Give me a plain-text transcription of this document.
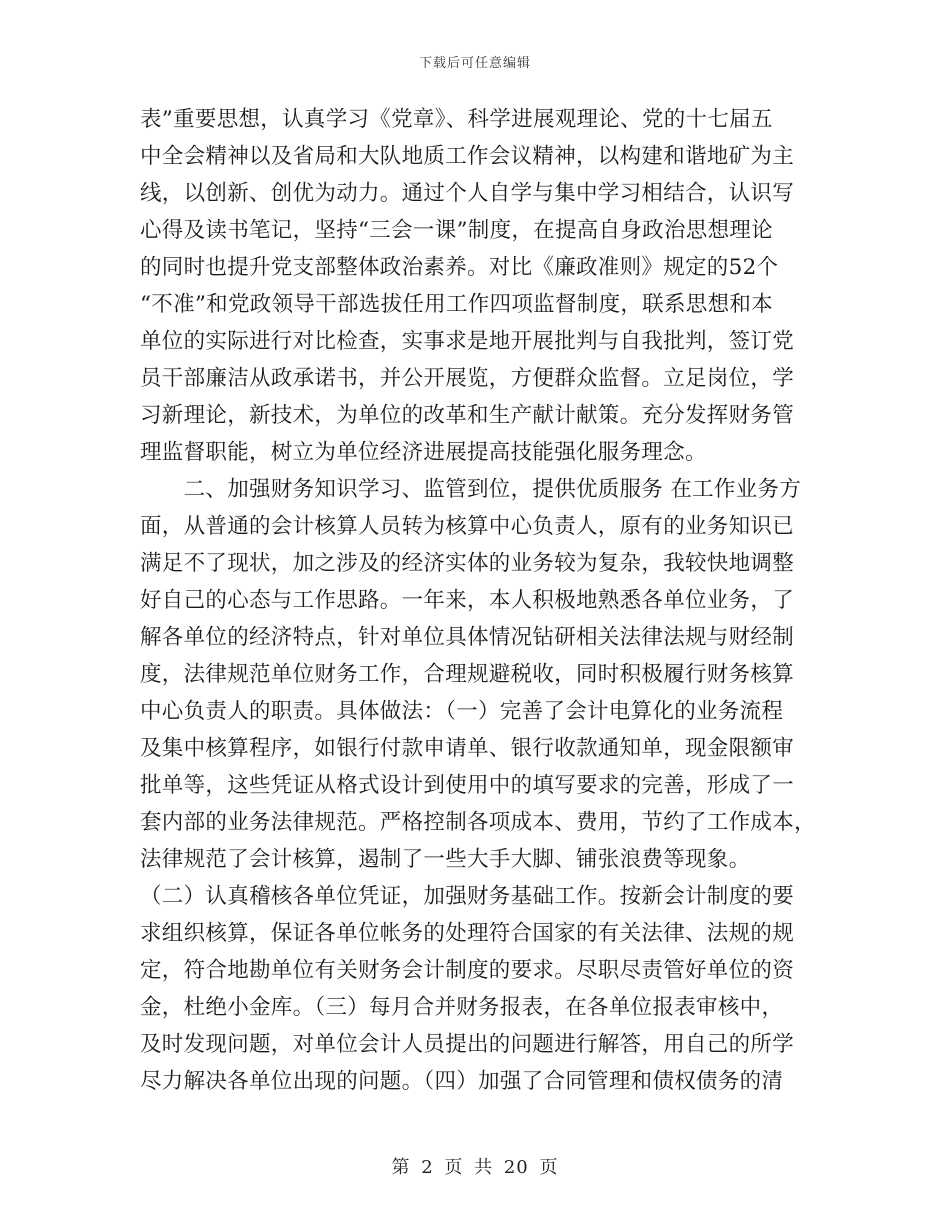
下载后可任意编辑
表”重要思想，认真学习《党章》、科学进展观理论、党的十七届五
中全会精神以及省局和大队地质工作会议精神，以构建和谐地矿为主
线，以创新、创优为动力。通过个人自学与集中学习相结合，认识写
心得及读书笔记，坚持“三会一课”制度，在提高自身政治思想理论
的同时也提升党支部整体政治素养。对比《廉政准则》规定的52个
“不准”和党政领导干部选拔任用工作四项监督制度，联系思想和本
单位的实际进行对比检查，实事求是地开展批判与自我批判，签订党
员干部廉洁从政承诺书，并公开展览，方便群众监督。立足岗位，学
习新理论，新技术，为单位的改革和生产献计献策。充分发挥财务管
理监督职能，树立为单位经济进展提高技能强化服务理念。
　　二、加强财务知识学习、监管到位，提供优质服务 在工作业务方
面，从普通的会计核算人员转为核算中心负责人，原有的业务知识已
满足不了现状，加之涉及的经济实体的业务较为复杂，我较快地调整
好自己的心态与工作思路。一年来，本人积极地熟悉各单位业务，了
解各单位的经济特点，针对单位具体情况钻研相关法律法规与财经制
度，法律规范单位财务工作，合理规避税收，同时积极履行财务核算
中心负责人的职责。具体做法：（一）完善了会计电算化的业务流程
及集中核算程序，如银行付款申请单、银行收款通知单，现金限额审
批单等，这些凭证从格式设计到使用中的填写要求的完善，形成了一
套内部的业务法律规范。严格控制各项成本、费用，节约了工作成本，
法律规范了会计核算，遏制了一些大手大脚、铺张浪费等现象。
（二）认真稽核各单位凭证，加强财务基础工作。按新会计制度的要
求组织核算，保证各单位帐务的处理符合国家的有关法律、法规的规
定，符合地勘单位有关财务会计制度的要求。尽职尽责管好单位的资
金，杜绝小金库。（三）每月合并财务报表，在各单位报表审核中，
及时发现问题，对单位会计人员提出的问题进行解答，用自己的所学
尽力解决各单位出现的问题。（四）加强了合同管理和债权债务的清
第 2 页 共 20 页
